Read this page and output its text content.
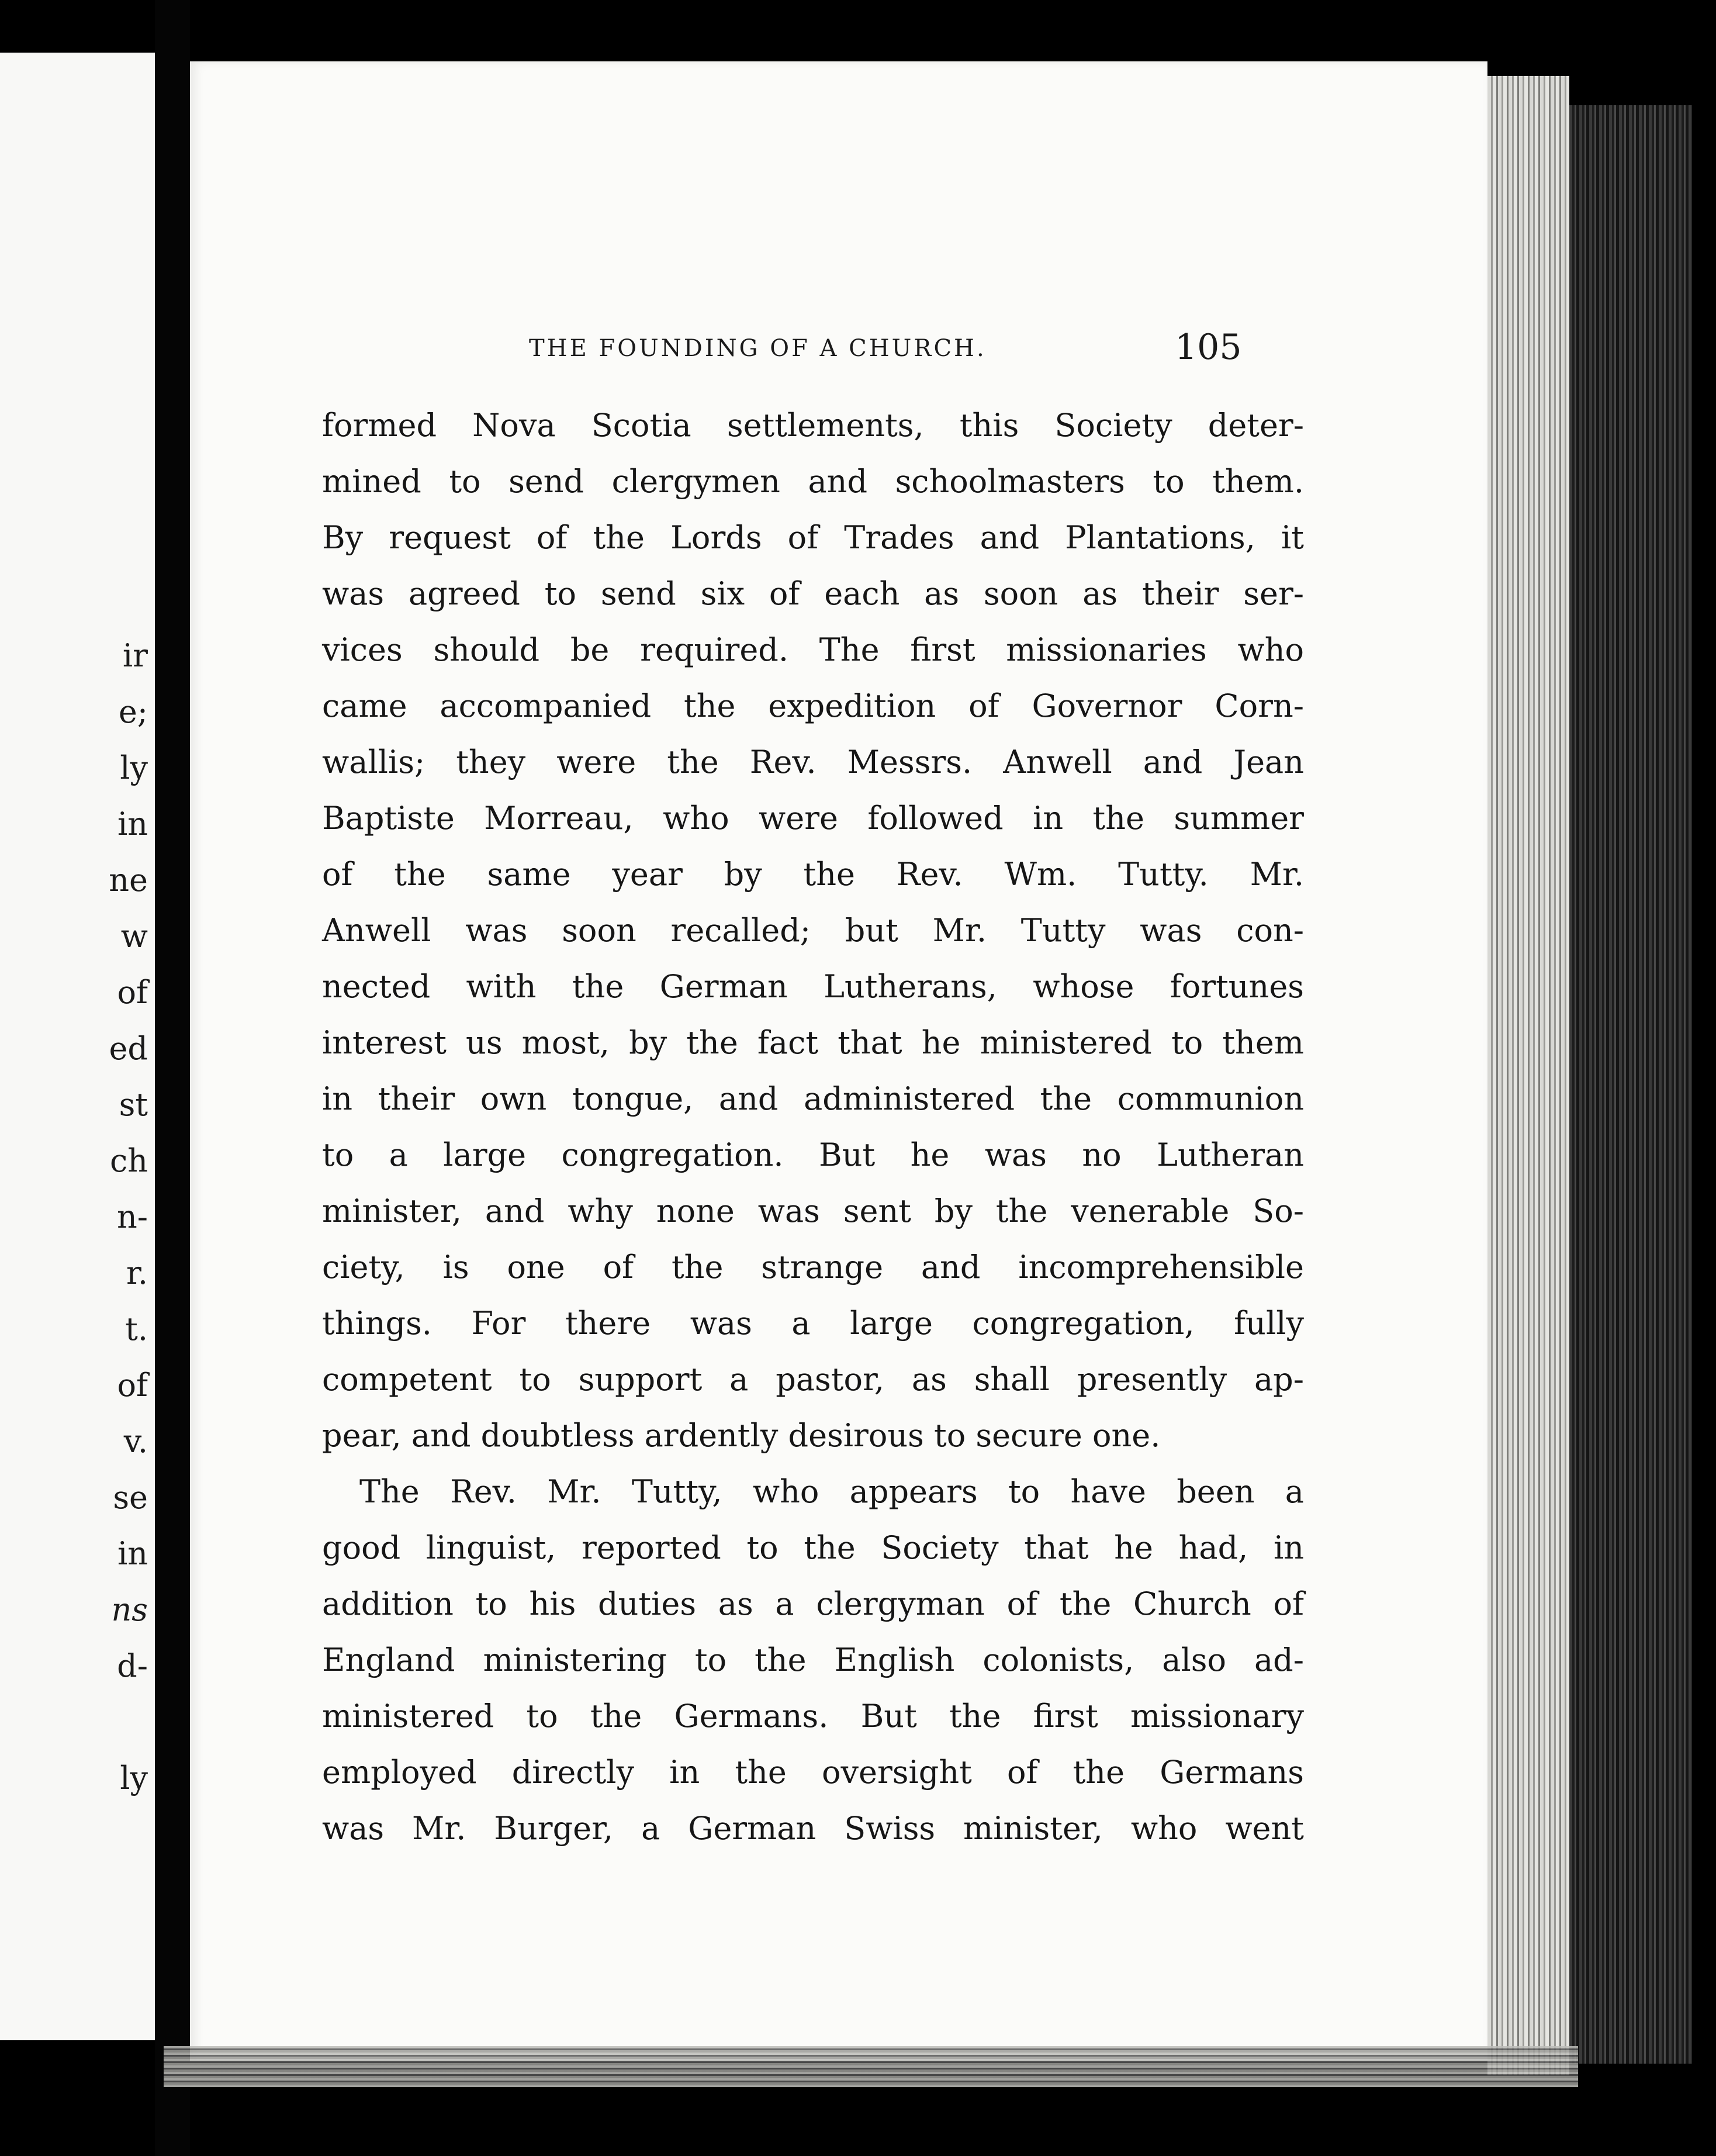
ir
e;
ly
in
ne
w
of
ed
st
ch
n-
r.
t.
of
v.
se
in
ns
d-
ly
THE FOUNDING OF A CHURCH.	105
formed Nova Scotia settlements, this Society deter-
mined to send clergymen and schoolmasters to them.
By request of the Lords of Trades and Plantations, it
was agreed to send six of each as soon as their ser-
vices should be required. The first missionaries who
came accompanied the expedition of Governor Corn-
wallis; they were the Rev. Messrs. Anwell and Jean
Baptiste Morreau, who were followed in the summer
of the same year by the Rev. Wm. Tutty. Mr.
Anwell was soon recalled; but Mr. Tutty was con-
nected with the German Lutherans, whose fortunes
interest us most, by the fact that he ministered to them
in their own tongue, and administered the communion
to a large congregation. But he was no Lutheran
minister, and why none was sent by the venerable So-
ciety, is one of the strange and incomprehensible
things. For there was a large congregation, fully
competent to support a pastor, as shall presently ap-
pear, and doubtless ardently desirous to secure one.
The Rev. Mr. Tutty, who appears to have been a
good linguist, reported to the Society that he had, in
addition to his duties as a clergyman of the Church of
England ministering to the English colonists, also ad-
ministered to the Germans. But the first missionary
employed directly in the oversight of the Germans
was Mr. Burger, a German Swiss minister, who went
